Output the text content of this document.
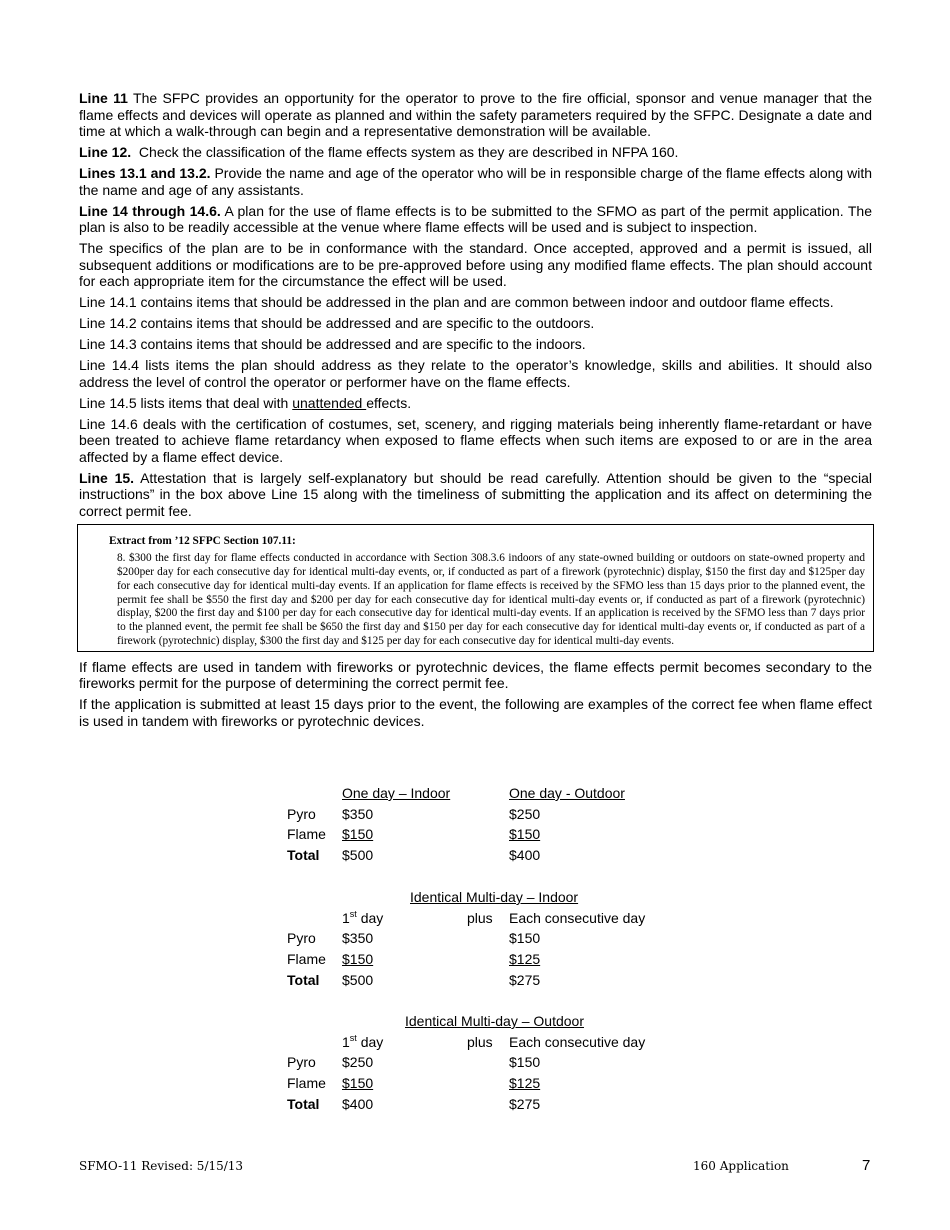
Line 11 The SFPC provides an opportunity for the operator to prove to the fire official, sponsor and venue manager that the flame effects and devices will operate as planned and within the safety parameters required by the SFPC. Designate a date and time at which a walk-through can begin and a representative demonstration will be available.

Line 12.  Check the classification of the flame effects system as they are described in NFPA 160.

Lines 13.1 and 13.2. Provide the name and age of the operator who will be in responsible charge of the flame effects along with the name and age of any assistants.

Line 14 through 14.6. A plan for the use of flame effects is to be submitted to the SFMO as part of the permit application. The plan is also to be readily accessible at the venue where flame effects will be used and is subject to inspection.

The specifics of the plan are to be in conformance with the standard. Once accepted, approved and a permit is issued, all subsequent additions or modifications are to be pre-approved before using any modified flame effects. The plan should account for each appropriate item for the circumstance the effect will be used.

Line 14.1 contains items that should be addressed in the plan and are common between indoor and outdoor flame effects.

Line 14.2 contains items that should be addressed and are specific to the outdoors.

Line 14.3 contains items that should be addressed and are specific to the indoors.

Line 14.4 lists items the plan should address as they relate to the operator’s knowledge, skills and abilities. It should also address the level of control the operator or performer have on the flame effects.

Line 14.5 lists items that deal with unattended effects.

Line 14.6 deals with the certification of costumes, set, scenery, and rigging materials being inherently flame-retardant or have been treated to achieve flame retardancy when exposed to flame effects when such items are exposed to or are in the area affected by a flame effect device.

Line 15. Attestation that is largely self-explanatory but should be read carefully. Attention should be given to the “special instructions” in the box above Line 15 along with the timeliness of submitting the application and its affect on determining the correct permit fee.

Extract from ’12 SFPC Section 107.11:
8. $300 the first day for flame effects conducted in accordance with Section 308.3.6 indoors of any state-owned building or outdoors on state-owned property and $200per day for each consecutive day for identical multi-day events, or, if conducted as part of a firework (pyrotechnic) display, $150 the first day and $125per day for each consecutive day for identical multi-day events. If an application for flame effects is received by the SFMO less than 15 days prior to the planned event, the permit fee shall be $550 the first day and $200 per day for each consecutive day for identical multi-day events or, if conducted as part of a firework (pyrotechnic) display, $200 the first day and $100 per day for each consecutive day for identical multi-day events. If an application is received by the SFMO less than 7 days prior to the planned event, the permit fee shall be $650 the first day and $150 per day for each consecutive day for identical multi-day events or, if conducted as part of a firework (pyrotechnic) display, $300 the first day and $125 per day for each consecutive day for identical multi-day events.

If flame effects are used in tandem with fireworks or pyrotechnic devices, the flame effects permit becomes secondary to the fireworks permit for the purpose of determining the correct permit fee.

If the application is submitted at least 15 days prior to the event, the following are examples of the correct fee when flame effect is used in tandem with fireworks or pyrotechnic devices.

One day – Indoor	One day - Outdoor
Pyro $350	$250
Flame $150	$150
Total $500	$400
Identical Multi-day – Indoor
1st day	plus Each consecutive day
Pyro $350	$150
Flame $150	$125
Total $500	$275
Identical Multi-day – Outdoor
1st day	plus Each consecutive day
Pyro $250	$150
Flame $150	$125
Total $400	$275
SFMO-11 Revised: 5/15/13	160 Application	7
